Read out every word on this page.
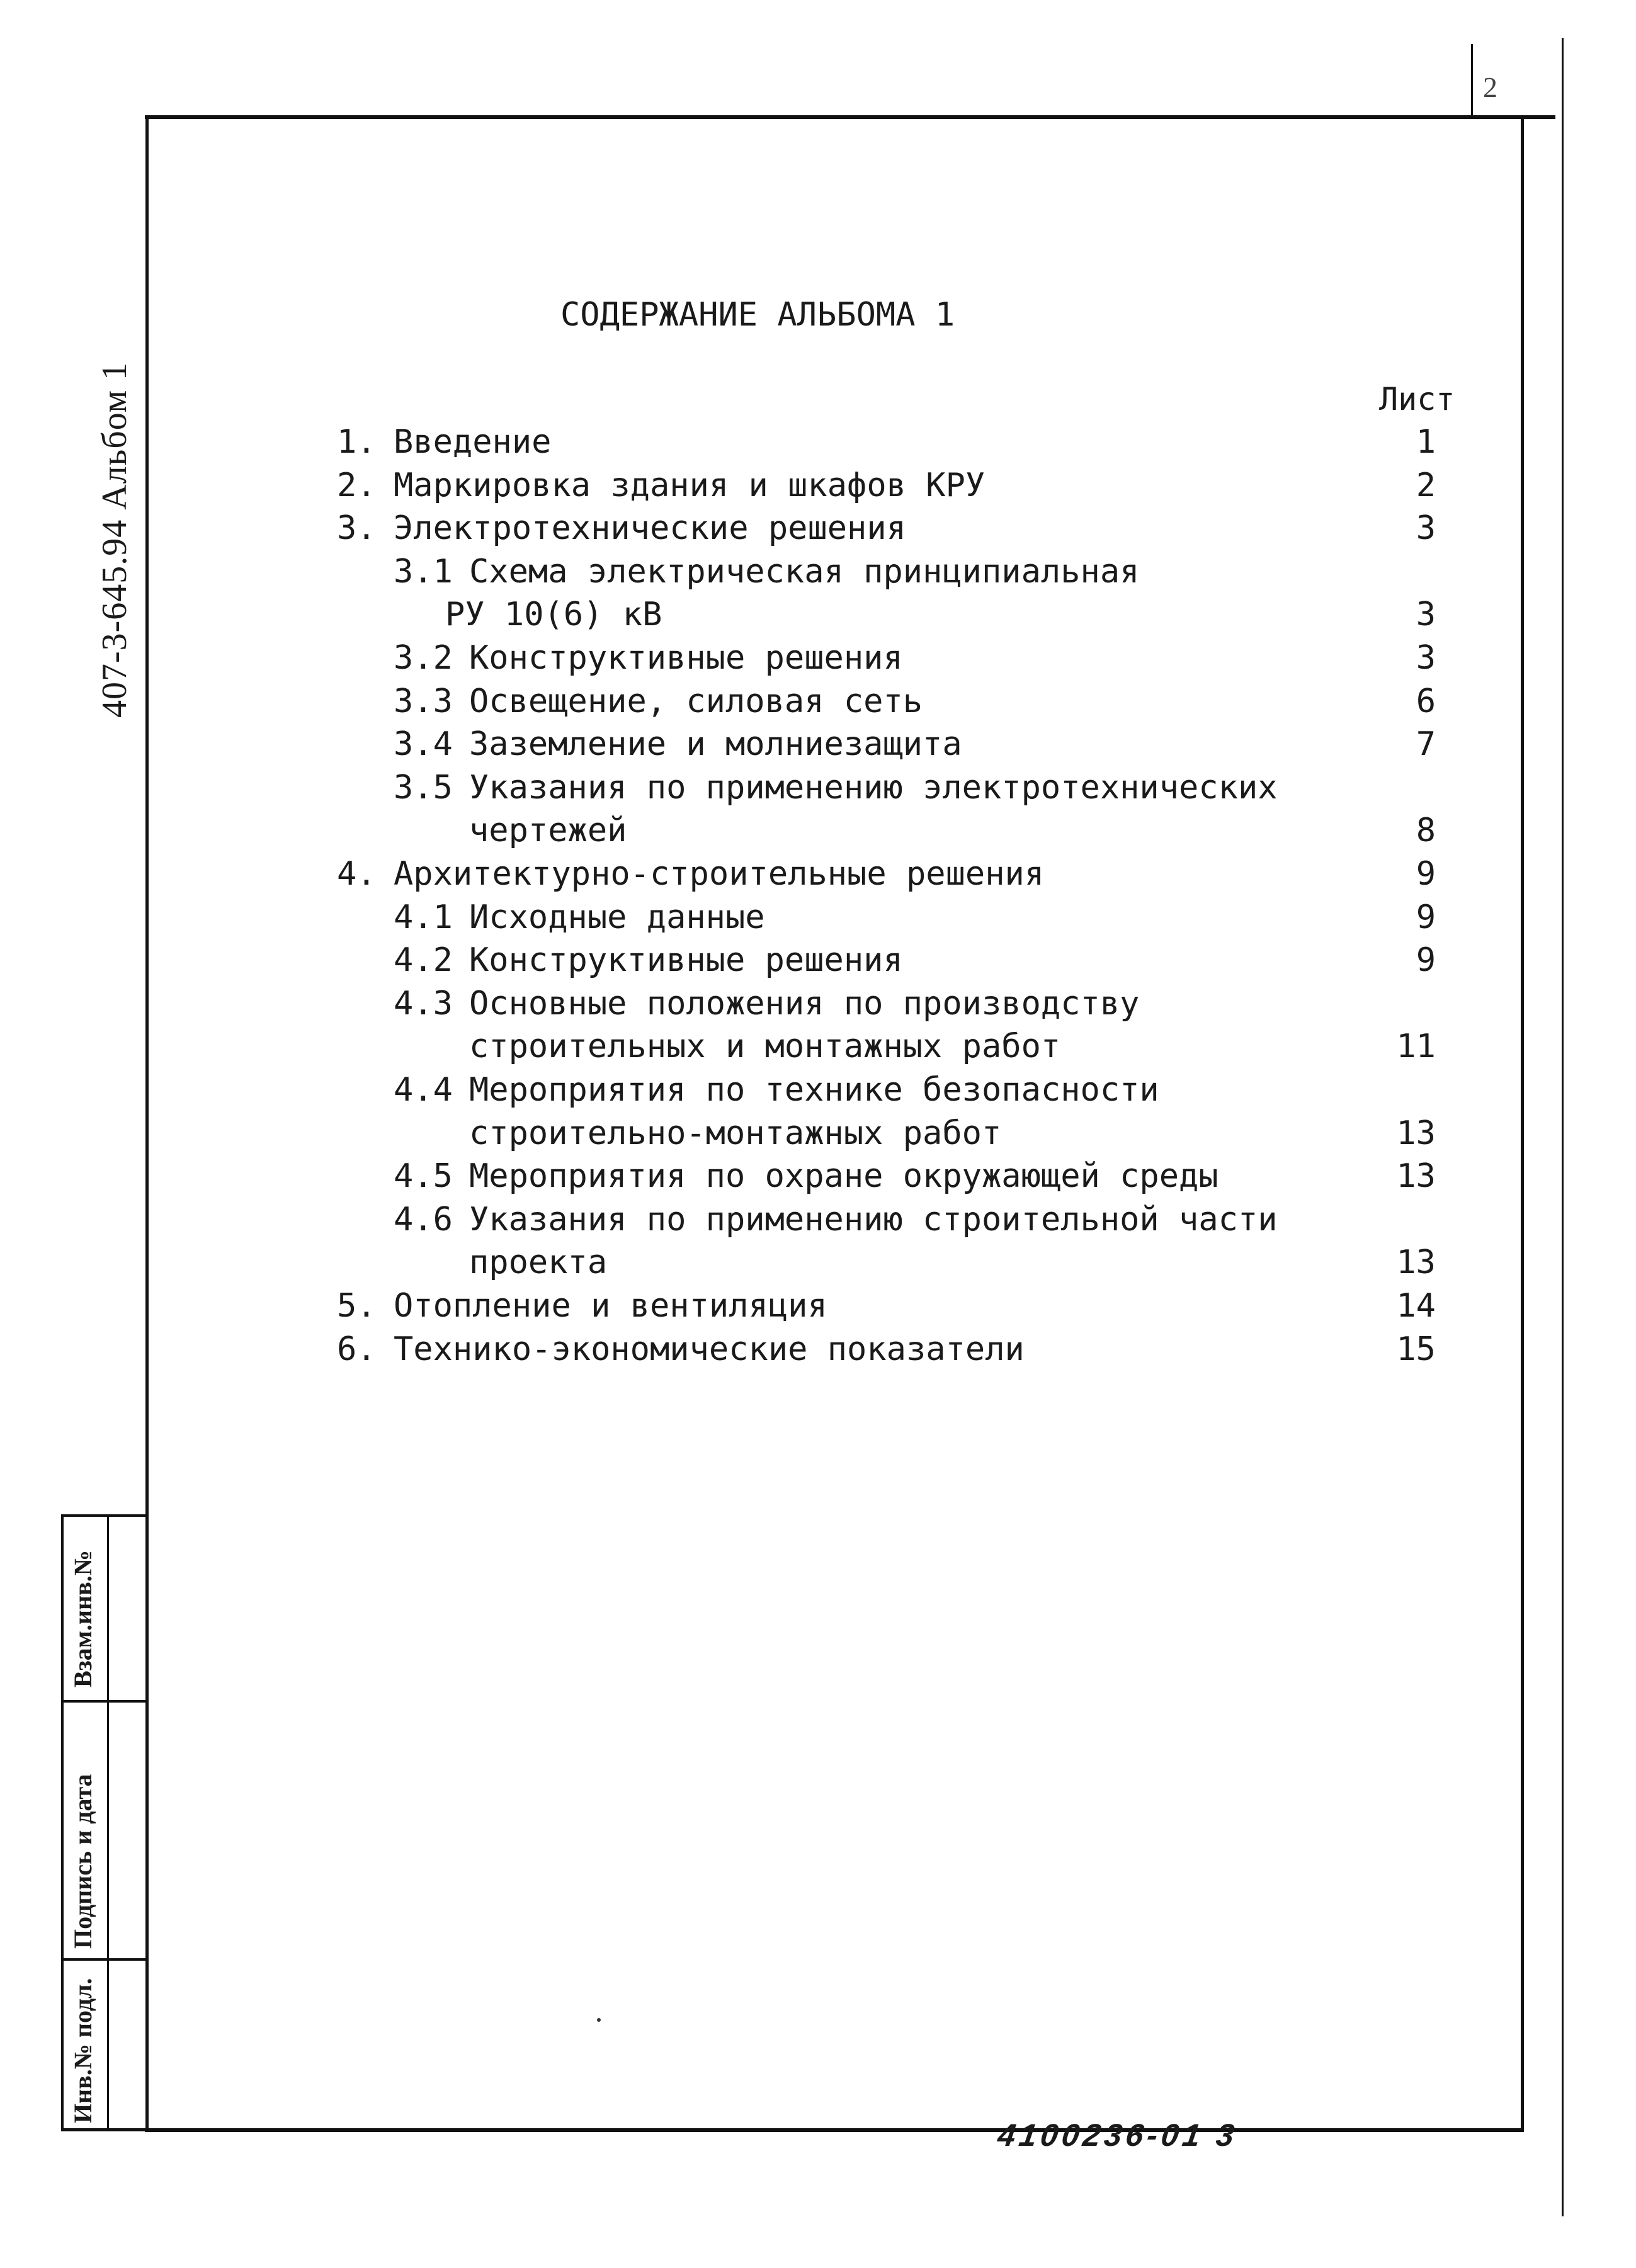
Взам.инв.№
Подпись и дата
Инв.№ подл.
2
407-3-645.94 Альбом 1
СОДЕРЖАНИЕ АЛЬБОМА 1
Лист
1. Введение	1
2. Маркировка здания и шкафов КРУ	2
3. Электротехнические решения	3
3.1 Схема электрическая принципиальная
РУ 10(6) кВ	3
3.2 Конструктивные решения	3
3.3 Освещение, силовая сеть	6
3.4 Заземление и молниезащита	7
3.5 Указания по применению электротехнических
чертежей	8
4. Архитектурно-строительные решения	9
4.1 Исходные данные	9
4.2 Конструктивные решения	9
4.3 Основные положения по производству
строительных и монтажных работ	11
4.4 Мероприятия по технике безопасности
строительно-монтажных работ	13
4.5 Мероприятия по охране окружающей среды	13
4.6 Указания по применению строительной части
проекта	13
5. Отопление и вентиляция	14
6. Технико-экономические показатели	15
4100236-01 3
